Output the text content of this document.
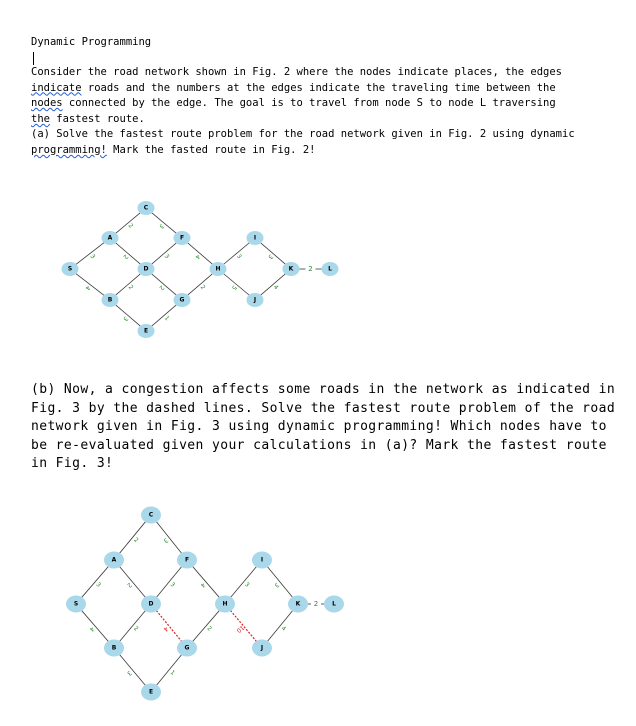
Dynamic Programming
Consider the road network shown in Fig. 2 where the nodes indicate places, the edges
indicate roads and the numbers at the edges indicate the traveling time between the
nodes connected by the edge. The goal is to travel from node S to node L traversing
the fastest route.
(a) Solve the fastest route problem for the road network given in Fig. 2 using dynamic
programming! Mark the fasted route in Fig. 2!
(b) Now, a congestion affects some roads in the network as indicated in
Fig. 3 by the dashed lines. Solve the fastest route problem of the road
network given in Fig. 3 using dynamic programming! Which nodes have to
be re-evaluated given your calculations in (a)? Mark the fastest route
in Fig. 3!
3
4
2
2
2
3
3
3
2
1
4
2
3
5
3
4
2
S
A
B
C
D
E
F
G
H
I
J
K	L
3
4
2
2
2
3
3
3
4
1
4
2
3
10
3
4
2
S
A
B
C
D
E
F
G
H
I
J
K	L
